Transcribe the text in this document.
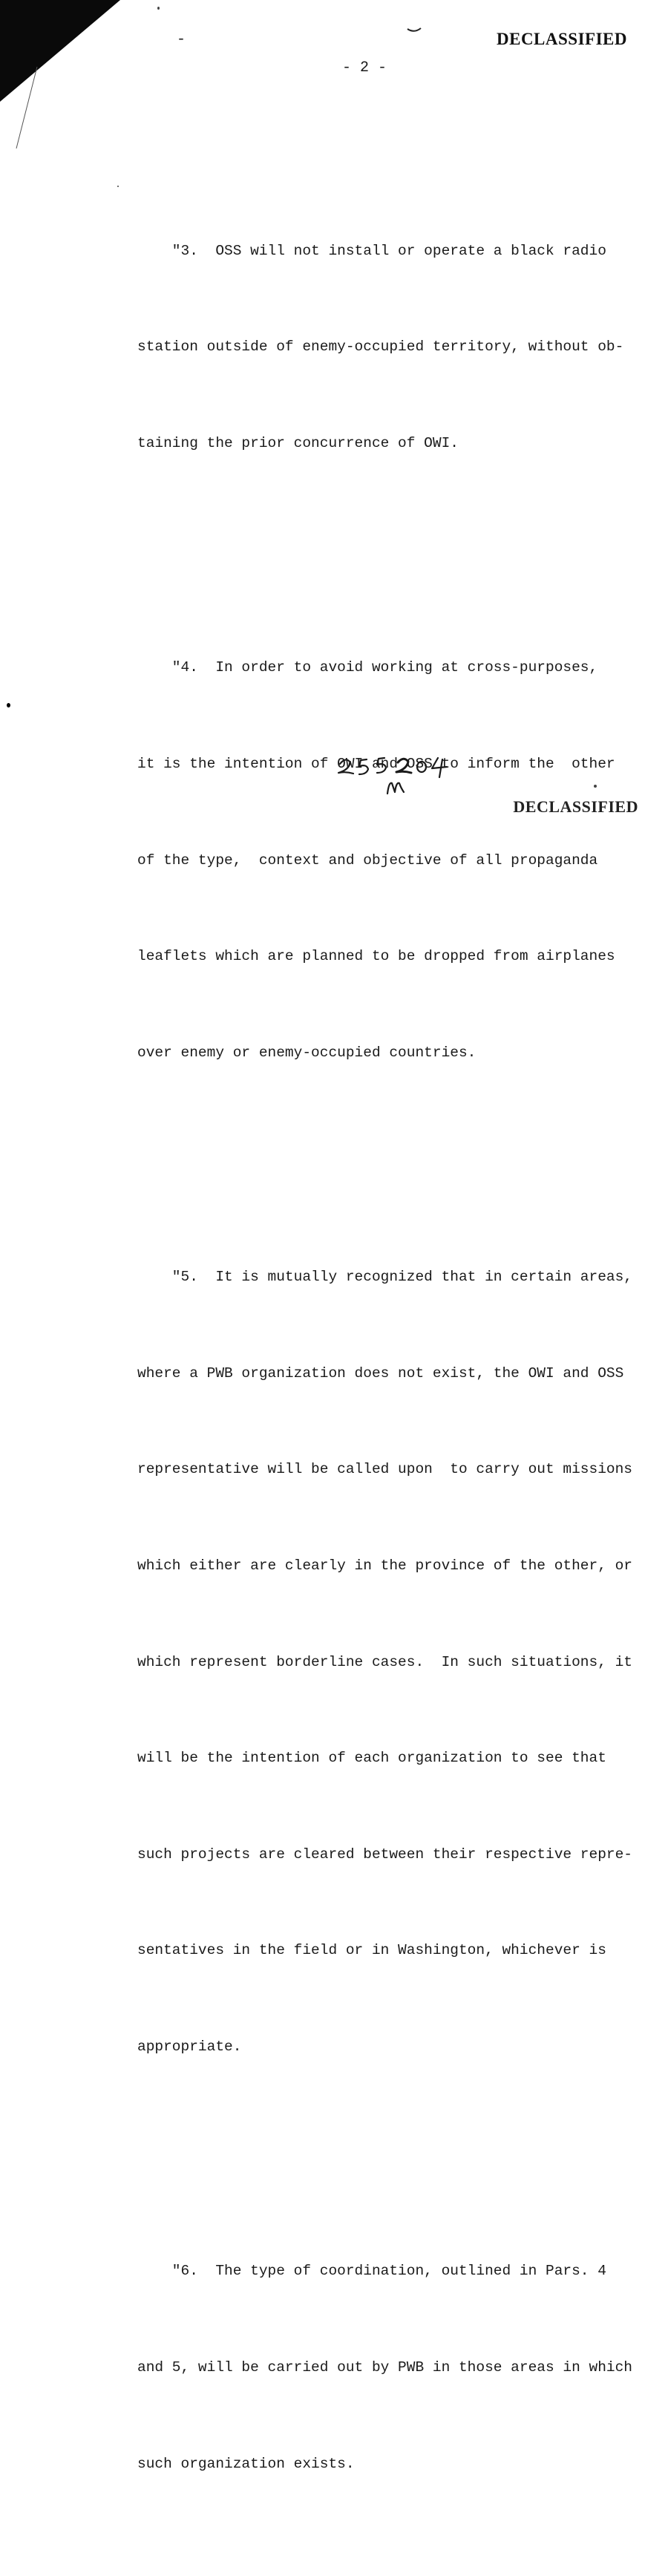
-	DECLASSIFIED
- 2 -

"3.  OSS will not install or operate a black radio

station outside of enemy-occupied territory, without ob-

taining the prior concurrence of OWI.

"4.  In order to avoid working at cross-purposes,

it is the intention of OWI and OSS to inform the  other

of the type,  context and objective of all propaganda

leaflets which are planned to be dropped from airplanes

over enemy or enemy-occupied countries.

"5.  It is mutually recognized that in certain areas,

where a PWB organization does not exist, the OWI and OSS

representative will be called upon  to carry out missions

which either are clearly in the province of the other, or

which represent borderline cases.  In such situations, it

will be the intention of each organization to see that

such projects are cleared between their respective repre-

sentatives in the field or in Washington, whichever is

appropriate.

"6.  The type of coordination, outlined in Pars. 4

and 5, will be carried out by PWB in those areas in which

such organization exists.

DECLASSIFIED
